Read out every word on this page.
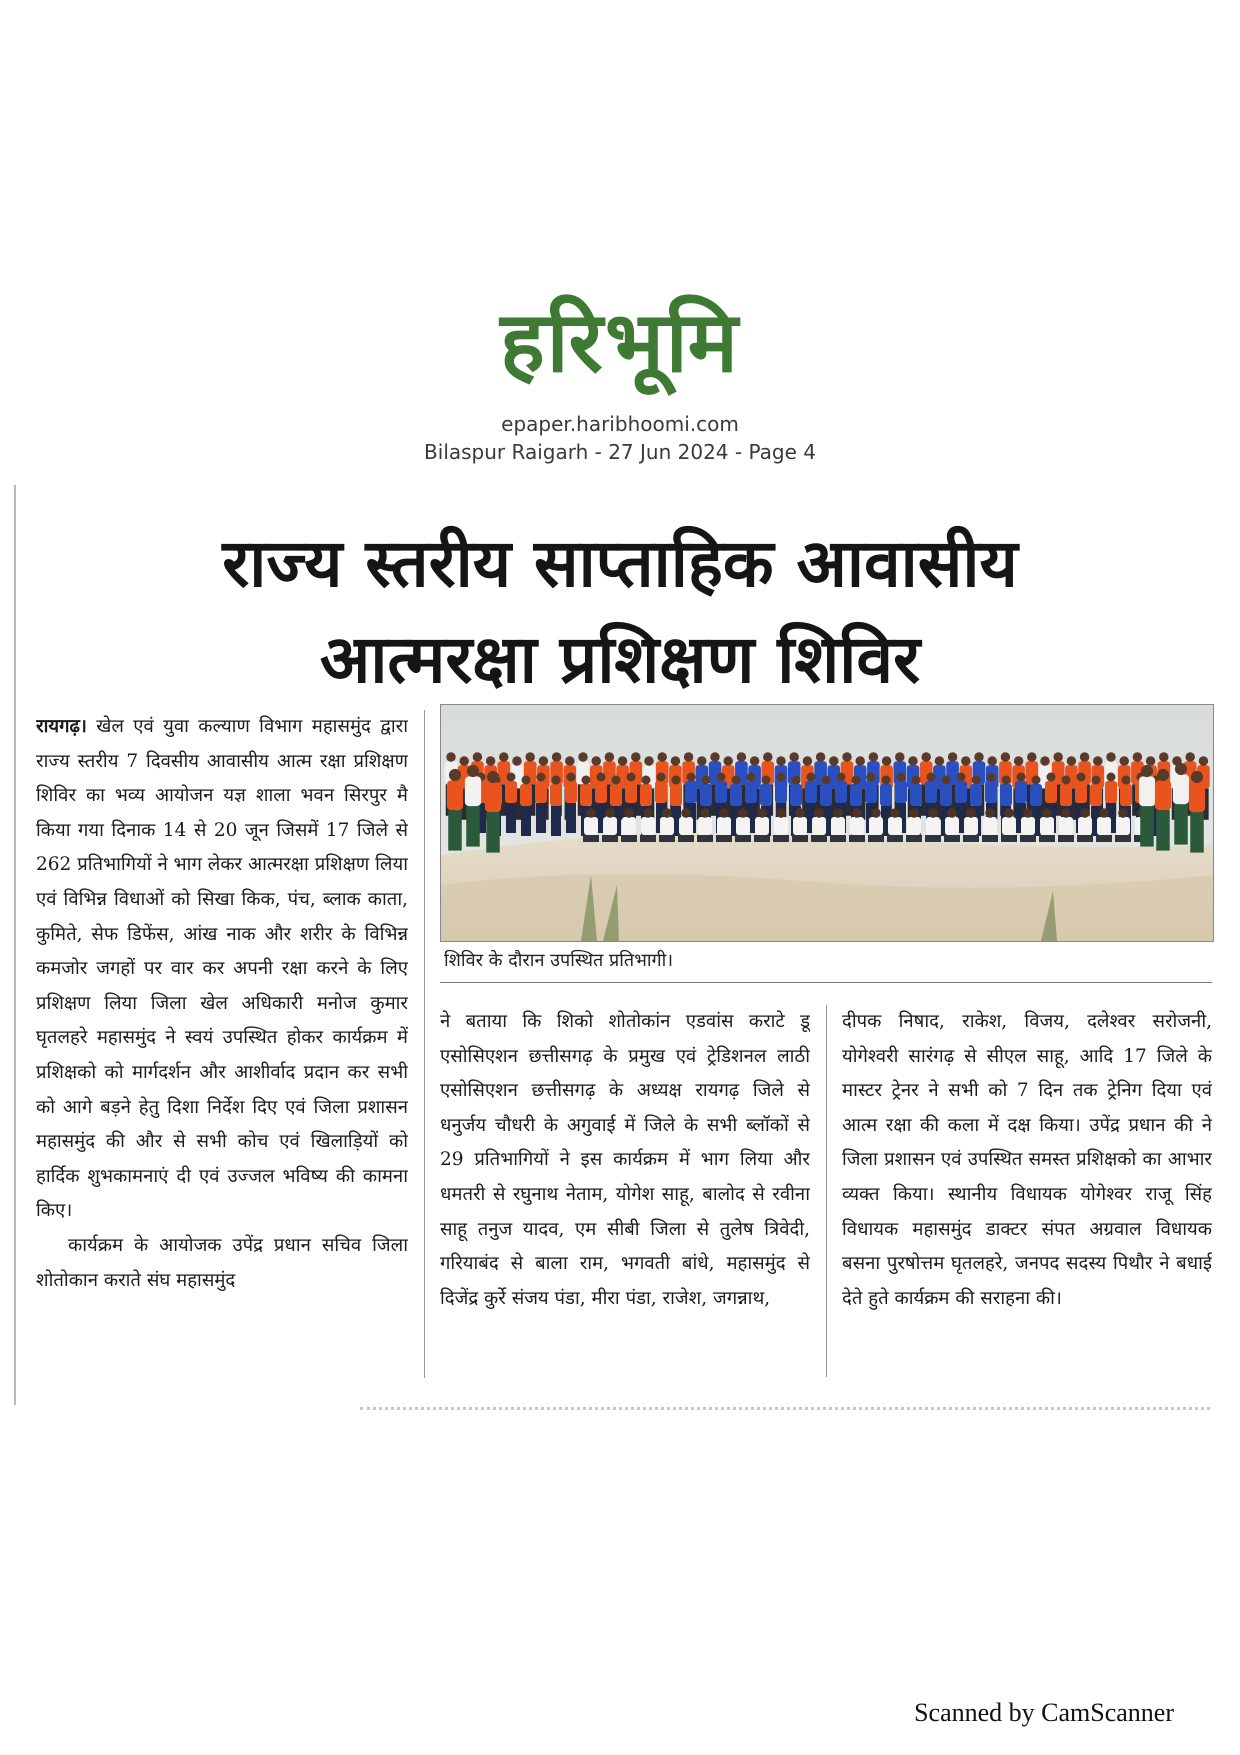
हरिभूमि
epaper.haribhoomi.com
Bilaspur Raigarh - 27 Jun 2024 - Page 4
राज्य स्तरीय साप्ताहिक आवासीय
आत्मरक्षा प्रशिक्षण शिविर

रायगढ़। खेल एवं युवा कल्याण विभाग महासमुंद द्वारा राज्य स्तरीय 7 दिवसीय आवासीय आत्म रक्षा प्रशिक्षण शिविर का भव्य आयोजन यज्ञ शाला भवन सिरपुर मै किया गया दिनाक 14 से 20 जून जिसमें 17 जिले से 262 प्रतिभागियों ने भाग लेकर आत्मरक्षा प्रशिक्षण लिया एवं विभिन्न विधाओं को सिखा किक, पंच, ब्लाक काता, कुमिते, सेफ डिफेंस, आंख नाक और शरीर के विभिन्न कमजोर जगहों पर वार कर अपनी रक्षा करने के लिए प्रशिक्षण लिया जिला खेल अधिकारी मनोज कुमार घृतलहरे महासमुंद ने स्वयं उपस्थित होकर कार्यक्रम में प्रशिक्षको को मार्गदर्शन और आशीर्वाद प्रदान कर सभी को आगे बड़ने हेतु दिशा निर्देश दिए एवं जिला प्रशासन महासमुंद की और से सभी कोच एवं खिलाड़ियों को हार्दिक शुभकामनाएं दी एवं उज्जल भविष्य की कामना किए।

कार्यक्रम के आयोजक उपेंद्र प्रधान सचिव जिला शोतोकान कराते संघ महासमुंद

शिविर के दौरान उपस्थित प्रतिभागी।

ने बताया कि शिको शोतोकांन एडवांस कराटे डू एसोसिएशन छत्तीसगढ़ के प्रमुख एवं ट्रेडिशनल लाठी एसोसिएशन छत्तीसगढ़ के अध्यक्ष रायगढ़ जिले से धनुर्जय चौधरी के अगुवाई में जिले के सभी ब्लॉकों से 29 प्रतिभागियों ने इस कार्यक्रम में भाग लिया और धमतरी से रघुनाथ नेताम, योगेश साहू, बालोद से रवीना साहू तनुज यादव, एम सीबी जिला से तुलेष त्रिवेदी, गरियाबंद से बाला राम, भगवती बांधे, महासमुंद से दिजेंद्र कुर्रे संजय पंडा, मीरा पंडा, राजेश, जगन्नाथ,

दीपक निषाद, राकेश, विजय, दलेश्वर सरोजनी, योगेश्वरी सारंगढ़ से सीएल साहू, आदि 17 जिले के मास्टर ट्रेनर ने सभी को 7 दिन तक ट्रेनिग दिया एवं आत्म रक्षा की कला में दक्ष किया। उपेंद्र प्रधान की ने जिला प्रशासन एवं उपस्थित समस्त प्रशिक्षको का आभार व्यक्त किया। स्थानीय विधायक योगेश्वर राजू सिंह विधायक महासमुंद डाक्टर संपत अग्रवाल विधायक बसना पुरषोत्तम घृतलहरे, जनपद सदस्य पिथौर ने बधाई देते हुते कार्यक्रम की सराहना की।

Scanned by CamScanner
